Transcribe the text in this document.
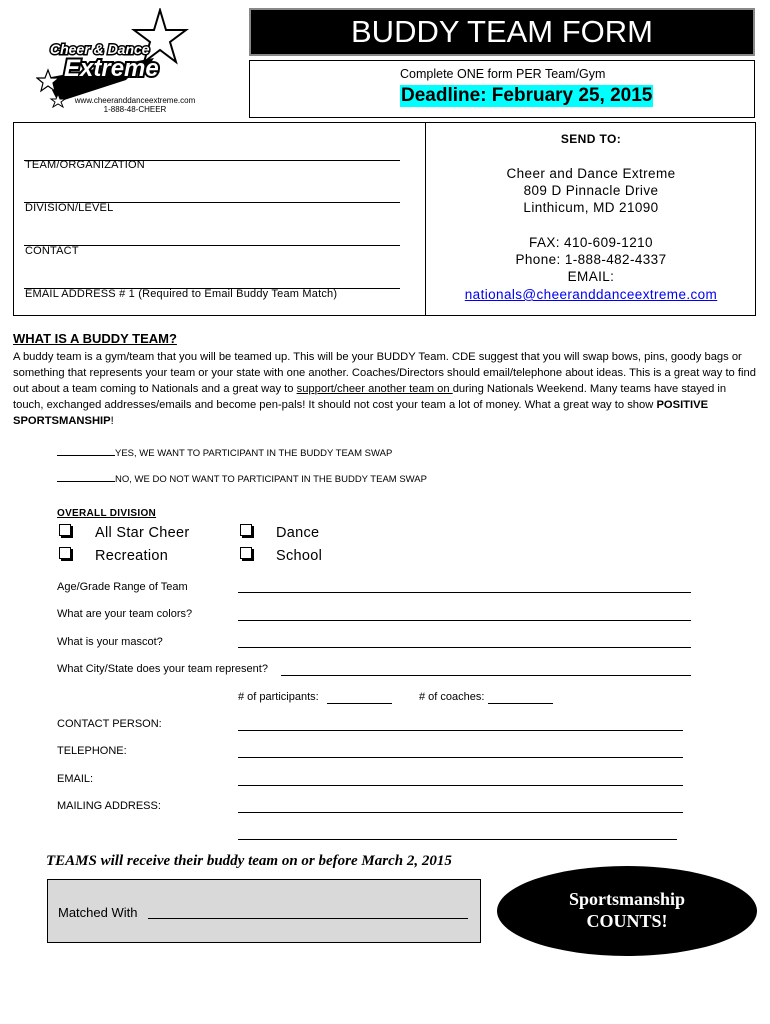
Cheer & Dance
Extreme
www.cheeranddanceextreme.com
1-888-48-CHEER
BUDDY TEAM FORM
Complete ONE form PER Team/Gym
Deadline: February 25, 2015
TEAM/ORGANIZATION
DIVISION/LEVEL
CONTACT
EMAIL ADDRESS # 1 (Required to Email Buddy Team Match)
SEND TO:
Cheer and Dance Extreme
809 D Pinnacle Drive
Linthicum, MD 21090
FAX: 410-609-1210
Phone: 1-888-482-4337
EMAIL:
nationals@cheeranddanceextreme.com
WHAT IS A BUDDY TEAM?
A buddy team is a gym/team that you will be teamed up. This will be your BUDDY Team. CDE suggest that you will swap bows, pins, goody bags or something that represents your team or your state with one another. Coaches/Directors should email/telephone about ideas. This is a great way to find out about a team coming to Nationals and a great way to support/cheer another team on during Nationals Weekend. Many teams have stayed in touch, exchanged addresses/emails and become pen-pals! It should not cost your team a lot of money. What a great way to show POSITIVE SPORTSMANSHIP!
YES, WE WANT TO PARTICIPANT IN THE BUDDY TEAM SWAP
NO, WE DO NOT WANT TO PARTICIPANT IN THE BUDDY TEAM SWAP
OVERALL DIVISION
All Star Cheer	Dance
Recreation	School
Age/Grade Range of Team
What are your team colors?
What is your mascot?
What City/State does your team represent?
# of participants:	# of coaches:
CONTACT PERSON:
TELEPHONE:
EMAIL:
MAILING ADDRESS:
TEAMS will receive their buddy team on or before March 2, 2015
Matched With
Sportsmanship
COUNTS!
